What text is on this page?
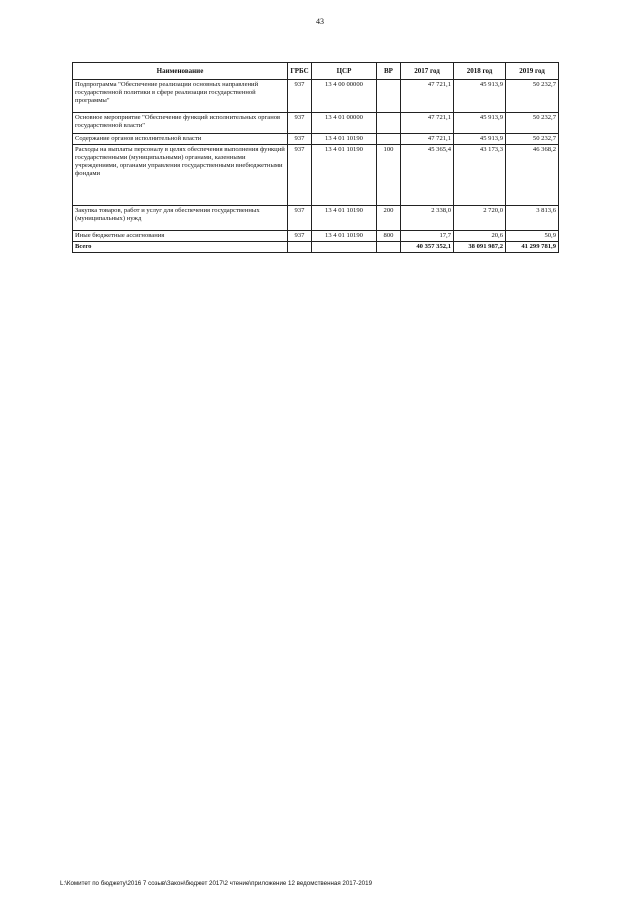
43
Наименование	ГРБС	ЦСР	ВР	2017 год	2018 год	2019 год
Подпрограмма "Обеспечение реализации основных направлений государственной политики в сфере реализации государственной программы"	937	13 4 00 00000		47 721,1	45 913,9	50 232,7
Основное мероприятие "Обеспечение функций исполнительных органов государственной власти"	937	13 4 01 00000		47 721,1	45 913,9	50 232,7
Содержание органов исполнительной власти	937	13 4 01 10190		47 721,1	45 913,9	50 232,7
Расходы на выплаты персоналу в целях обеспечения выполнения функций государственными (муниципальными) органами, казенными учреждениями, органами управления государственными внебюджетными фондами	937	13 4 01 10190	100	45 365,4	43 173,3	46 368,2
Закупка товаров, работ и услуг для обеспечения государственных (муниципальных) нужд	937	13 4 01 10190	200	2 338,0	2 720,0	3 813,6
Иные бюджетные ассигнования	937	13 4 01 10190	800	17,7	20,6	50,9
Всего				40 357 352,1	38 091 987,2	41 299 781,9
L:\Комитет по бюджету\2016 7 созыв\Закон\бюджет 2017\2 чтение\приложение 12 ведомственная 2017-2019
